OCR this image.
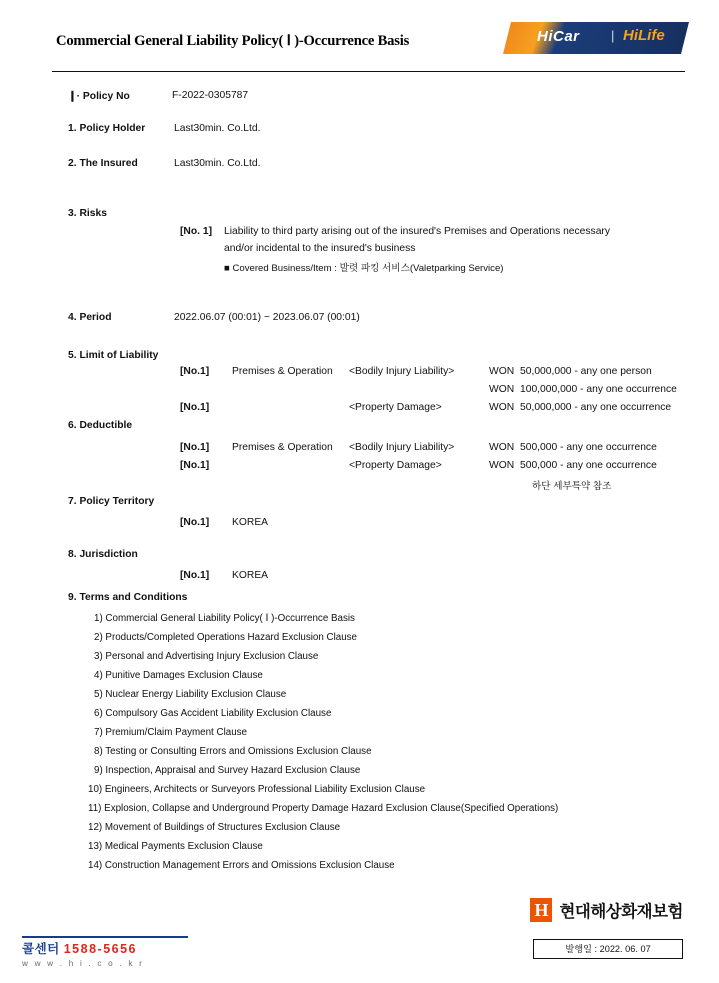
Commercial General Liability Policy( Ⅰ )-Occurrence Basis	HiCar | HiLife
❙· Policy No	F-2022-0305787
1. Policy Holder	Last30min. Co.Ltd.
2. The Insured	Last30min. Co.Ltd.
3. Risks
[No. 1] Liability to third party arising out of the insured's Premises and Operations necessary
and/or incidental to the insured's business
■ Covered Business/Item : 발렷 파킹 서비스(Valetparking Service)
4. Period	2022.06.07 (00:01) ~ 2023.06.07 (00:01)
5. Limit of Liability
[No.1] Premises & Operation <Bodily Injury Liability>	WON 50,000,000 - any one person
WON 100,000,000 - any one occurrence
[No.1]	<Property Damage>	WON 50,000,000 - any one occurrence
6. Deductible
[No.1] Premises & Operation <Bodily Injury Liability>	WON 500,000 - any one occurrence
[No.1]	<Property Damage>	WON 500,000 - any one occurrence
하단 세부특약 참조
7. Policy Territory
[No.1] KOREA
8. Jurisdiction
[No.1] KOREA
9. Terms and Conditions
1) Commercial General Liability Policy( Ⅰ )-Occurrence Basis
2) Products/Completed Operations Hazard Exclusion Clause
3) Personal and Advertising Injury Exclusion Clause
4) Punitive Damages Exclusion Clause
5) Nuclear Energy Liability Exclusion Clause
6) Compulsory Gas Accident Liability Exclusion Clause
7) Premium/Claim Payment Clause
8) Testing or Consulting Errors and Omissions Exclusion Clause
9) Inspection, Appraisal and Survey Hazard Exclusion Clause
10) Engineers, Architects or Surveyors Professional Liability Exclusion Clause
11) Explosion, Collapse and Underground Property Damage Hazard Exclusion Clause(Specified Operations)
12) Movement of Buildings of Structures Exclusion Clause
13) Medical Payments Exclusion Clause
14) Construction Management Errors and Omissions Exclusion Clause
H 현대해상화재보험
발행일 : 2022. 06. 07
콜센터 1588-5656
w w w . h i . c o . k r
